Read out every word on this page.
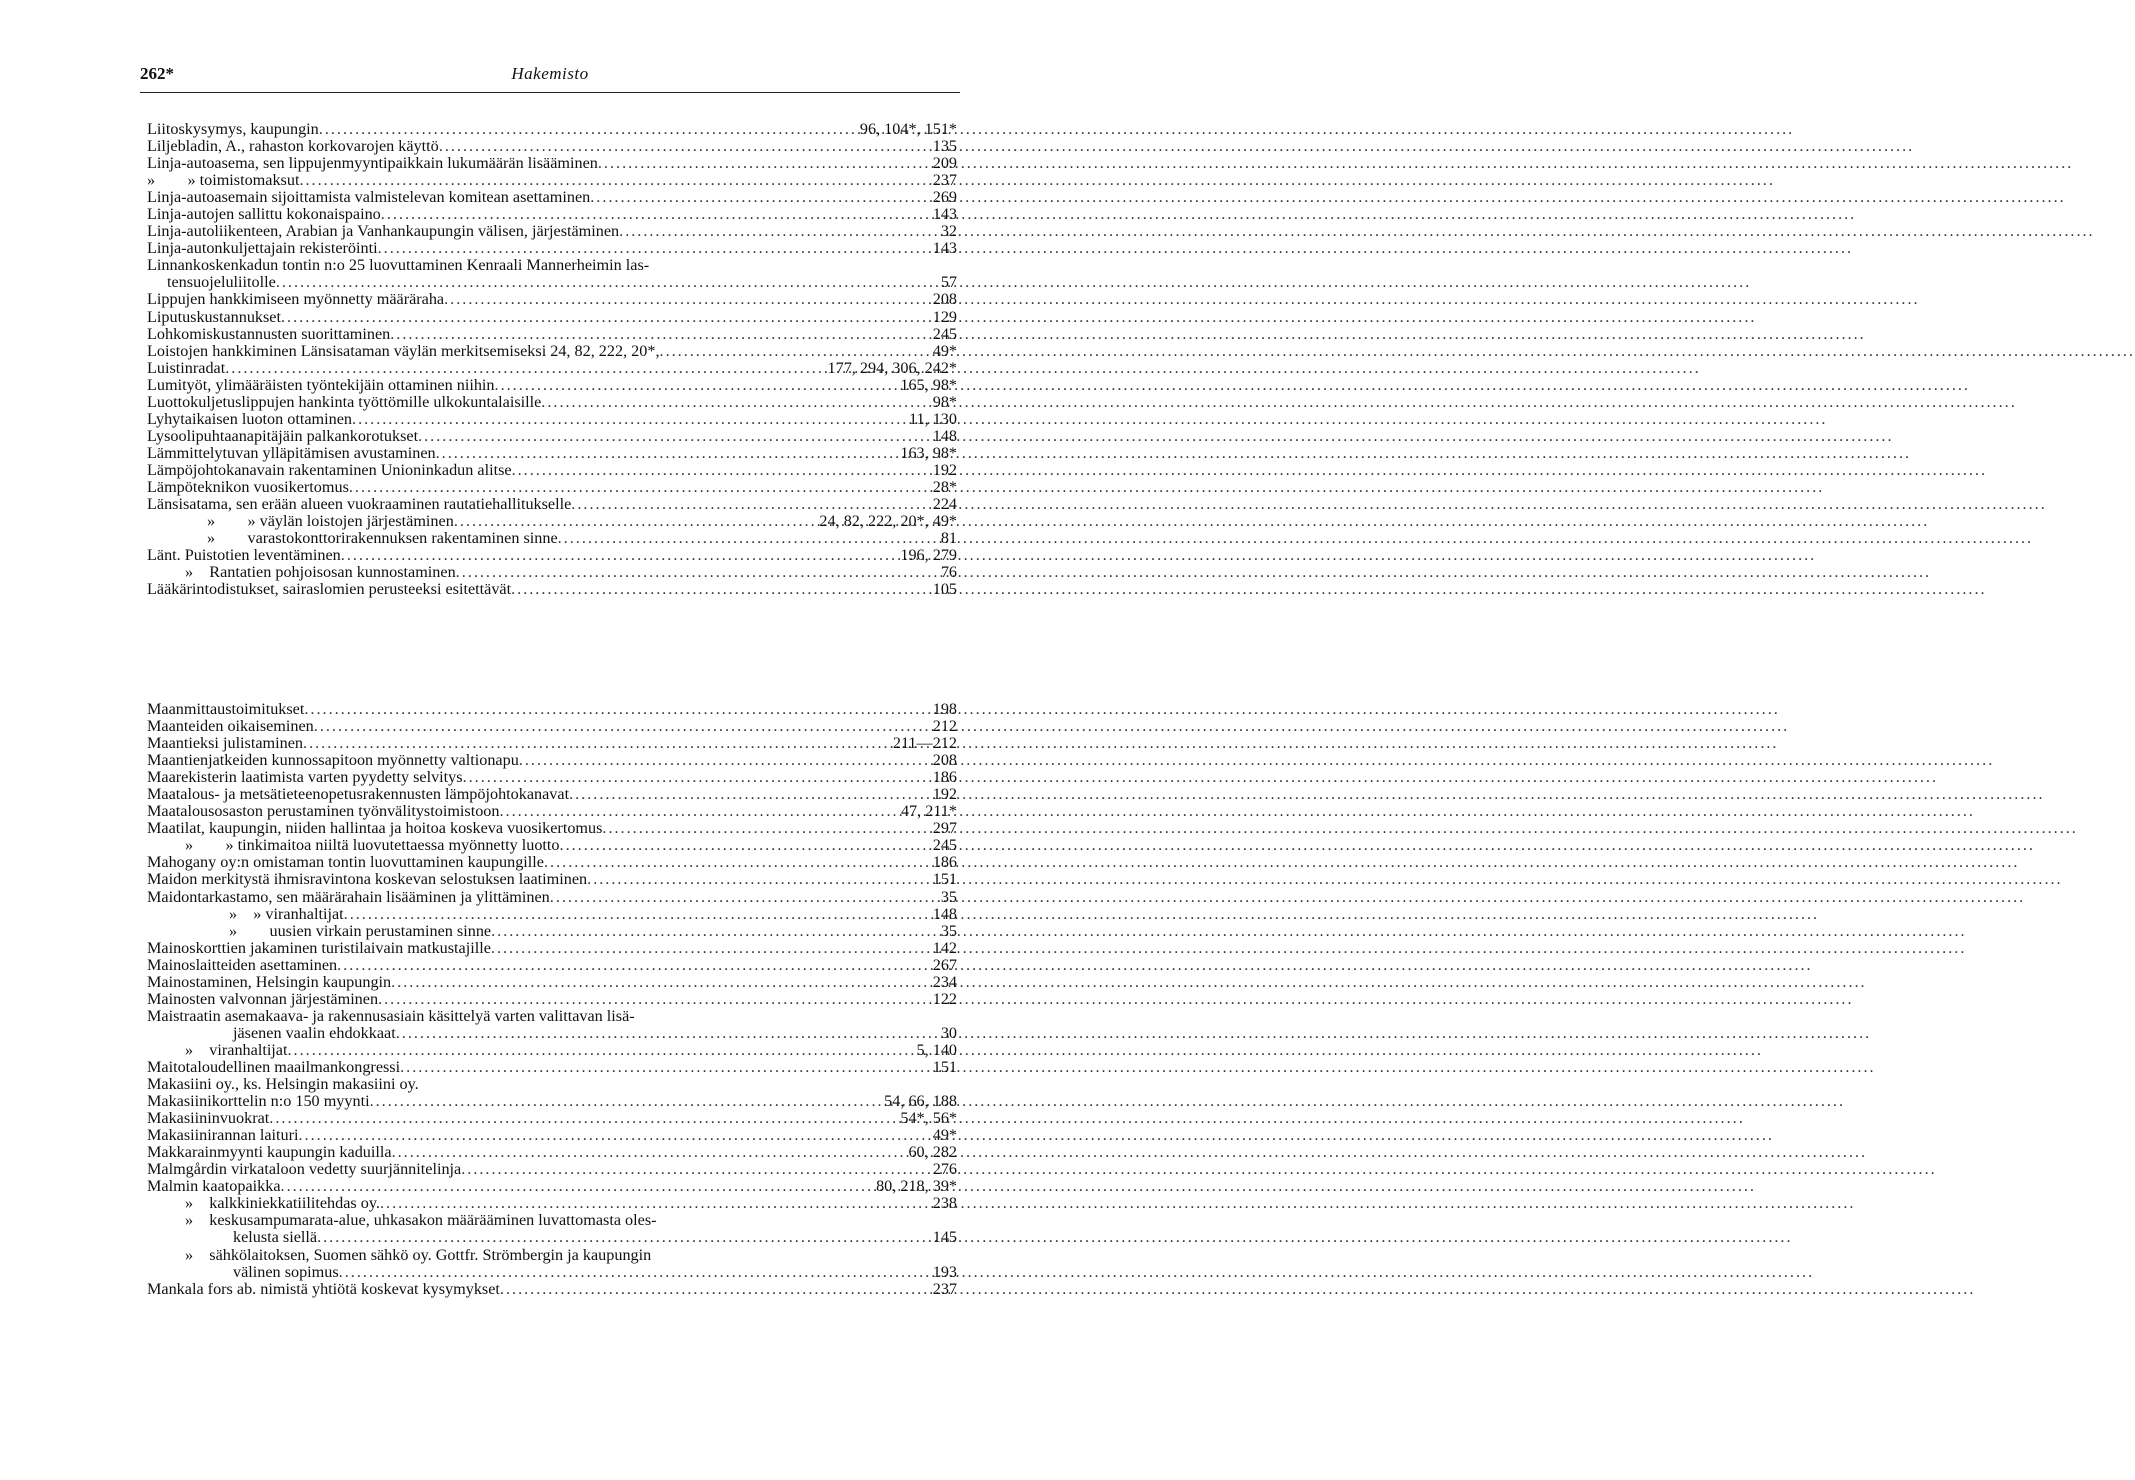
262*	Hakemisto
Liitoskysymys, kaupungin .....	96, 104*, 151*
Liljebladin, A., rahaston korkovarojen käyttö .....	135
Linja-autoasema, sen lippujenmyyntipaikkain lukumäärän lisääminen .....	209
»  » toimistomaksut .....	237
Linja-autoasemain sijoittamista valmistelevan komitean asettaminen .....	269
Linja-autojen sallittu kokonaispaino .....	143
Linja-autoliikenteen, Arabian ja Vanhankaupungin välisen, järjestäminen .....	32
Linja-autonkuljettajain rekisteröinti .....	143
Linnankoskenkadun tontin n:o 25 luovuttaminen Kenraali Mannerheimin las-
tensuojeluliitolle .....	57
Lippujen hankkimiseen myönnetty määräraha .....	208
Liputuskustannukset .....	129
Lohkomiskustannusten suorittaminen .....	245
Loistojen hankkiminen Länsisataman väylän merkitsemiseksi 24, 82, 222, 20*, .....	49*
Luistinradat .....	177, 294, 306, 242*
Lumityöt, ylimääräisten työntekijäin ottaminen niihin .....	165, 98*
Luottokuljetuslippujen hankinta työttömille ulkokuntalaisille .....	98*
Lyhytaikaisen luoton ottaminen .....	11, 130
Lysoolipuhtaanapitäjäin palkankorotukset .....	148
Lämmittelytuvan ylläpitämisen avustaminen .....	163, 98*
Lämpöjohtokanavain rakentaminen Unioninkadun alitse .....	192
Lämpöteknikon vuosikertomus .....	28*
Länsisatama, sen erään alueen vuokraaminen rautatiehallitukselle .....	224
»  » väylän loistojen järjestäminen .....	24, 82, 222, 20*, 49*
»  varastokonttorirakennuksen rakentaminen sinne .....	81
Länt. Puistotien leventäminen .....	196, 279
» Rantatien pohjoisosan kunnostaminen .....	76
Lääkärintodistukset, sairaslomien perusteeksi esitettävät .....	105
Maanmittaustoimitukset .....	198
Maanteiden oikaiseminen .....	212
Maantieksi julistaminen .....	211—212
Maantienjatkeiden kunnossapitoon myönnetty valtionapu .....	208
Maarekisterin laatimista varten pyydetty selvitys .....	186
Maatalous- ja metsätieteenopetusrakennusten lämpöjohtokanavat .....	192
Maatalousosaston perustaminen työnvälitystoimistoon .....	47, 211*
Maatilat, kaupungin, niiden hallintaa ja hoitoa koskeva vuosikertomus .....	297
»  » tinkimaitoa niiltä luovutettaessa myönnetty luotto .....	245
Mahogany oy:n omistaman tontin luovuttaminen kaupungille .....	186
Maidon merkitystä ihmisravintona koskevan selostuksen laatiminen .....	151
Maidontarkastamo, sen määrärahain lisääminen ja ylittäminen .....	35
» » viranhaltijat .....	148
»  uusien virkain perustaminen sinne .....	35
Mainoskorttien jakaminen turistilaivain matkustajille .....	142
Mainoslaitteiden asettaminen .....	267
Mainostaminen, Helsingin kaupungin .....	234
Mainosten valvonnan järjestäminen .....	122
Maistraatin asemakaava- ja rakennusasiain käsittelyä varten valittavan lisä-
jäsenen vaalin ehdokkaat .....	30
» viranhaltijat .....	5, 140
Maitotaloudellinen maailmankongressi .....	151
Makasiini oy., ks. Helsingin makasiini oy.
Makasiinikorttelin n:o 150 myynti .....	54, 66, 188
Makasiininvuokrat .....	54*, 56*
Makasiinirannan laituri .....	49*
Makkarainmyynti kaupungin kaduilla .....	60, 282
Malmgårdin virkataloon vedetty suurjännitelinja .....	276
Malmin kaatopaikka .....	80, 218, 39*
» kalkkiniekkatiilitehdas oy. .....	238
» keskusampumarata-alue, uhkasakon määrääminen luvattomasta oles-
kelusta siellä .....	145
» sähkölaitoksen, Suomen sähkö oy. Gottfr. Strömbergin ja kaupungin
välinen sopimus .....	193
Mankala fors ab. nimistä yhtiötä koskevat kysymykset .....	237
